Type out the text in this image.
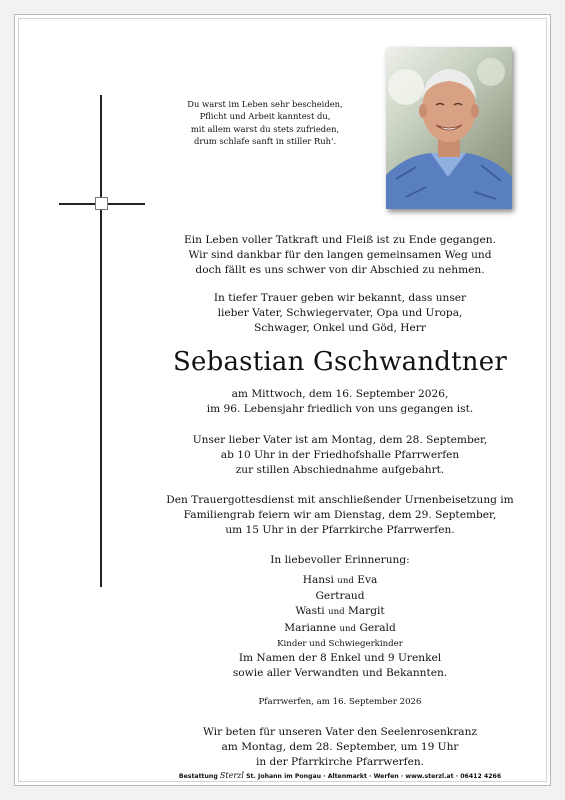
Du warst im Leben sehr bescheiden,
Pflicht und Arbeit kanntest du,
mit allem warst du stets zufrieden,
drum schlafe sanft in stiller Ruh'.
Ein Leben voller Tatkraft und Fleiß ist zu Ende gegangen.
Wir sind dankbar für den langen gemeinsamen Weg und
doch fällt es uns schwer von dir Abschied zu nehmen.
In tiefer Trauer geben wir bekannt, dass unser
lieber Vater, Schwiegervater, Opa und Uropa,
Schwager, Onkel und Göd, Herr
Sebastian Gschwandtner
am Mittwoch, dem 16. September 2026,
im 96. Lebensjahr friedlich von uns gegangen ist.
Unser lieber Vater ist am Montag, dem 28. September,
ab 10 Uhr in der Friedhofshalle Pfarrwerfen
zur stillen Abschiednahme aufgebahrt.
Den Trauergottesdienst mit anschließender Urnenbeisetzung im
Familiengrab feiern wir am Dienstag, dem 29. September,
um 15 Uhr in der Pfarrkirche Pfarrwerfen.
In liebevoller Erinnerung:
Hansi und Eva
Gertraud
Wasti und Margit
Marianne und Gerald
Kinder und Schwiegerkinder
Im Namen der 8 Enkel und 9 Urenkel
sowie aller Verwandten und Bekannten.
Pfarrwerfen, am 16. September 2026
Wir beten für unseren Vater den Seelenrosenkranz
am Montag, dem 28. September, um 19 Uhr
in der Pfarrkirche Pfarrwerfen.
Bestattung Sterzl St. Johann im Pongau · Altenmarkt · Werfen · www.sterzl.at · 06412 4266
